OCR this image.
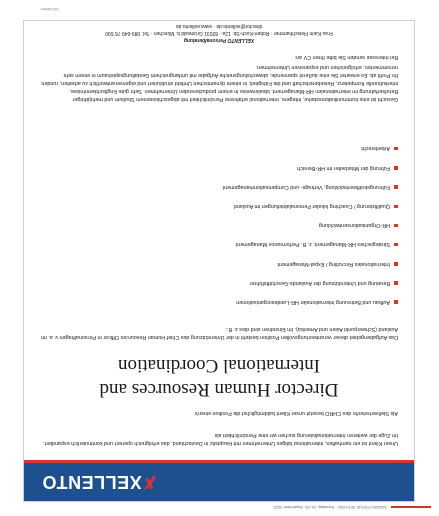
SÜDDEUTSCHE ZEITUNG · Samstag, 24./25. September 2022
✗XELLENTO
Unser Klient ist ein namhaftes, international tätiges Unternehmen mit Hauptsitz in Deutschland, das erfolgreich operiert und kontinuierlich expandiert. Im Zuge der weiteren Internationalisierung suchen wir eine Persönlichkeit als
Als Stellvertreter/in des CHRO besetzt unser Klient baldmöglichst die Position einer/s
Director Human Resources and
International Coordination
Das Aufgabengebiet dieser verantwortungsvollen Position besteht in der Unterstützung des Chief Human Resources Officer in Personalfragen v. a. im Ausland (Schwerpunkt Asien und Amerika). Im Einzelnen sind dies z. B.:
Aufbau und Betreuung internationaler HR-Landesorganisationen
Beratung und Unterstützung der Auslands-Geschäftsführer
Internationales Recruiting / Expat-Management
Strategisches HR-Management, z. B. Performance Management
HR-Organisationsentwicklung
Qualifizierung / Coaching lokaler Personalabteilungen im Ausland
Führungskräfteentwicklung, Vertrags- und Compensationmanagement
Führung der Mitarbeiter im HR-Bereich
Arbeitsrecht
Gesucht ist eine kommunikationsstarke, integere, international erfahrene Persönlichkeit mit abgeschlossenem Studium und mehrjähriger Berufserfahrung im internationalen HR-Management, idealerweise in einem produzierenden Unternehmen. Sehr gute Englischkenntnisse, interkulturelle Kompetenz, Reisebereitschaft und die Fähigkeit, in einem dynamischen Umfeld strukturiert und eigenverantwortlich zu arbeiten, runden Ihr Profil ab. Es erwartet Sie eine äußerst spannende, abwechslungsreiche Aufgabe mit umfangreichem Gestaltungsspielraum in einem sehr renommierten, erfolgreichen und expansiven Unternehmen.
Bei Interesse senden Sie bitte Ihren CV an:
XELLENTO Personalberatung
Frau Karin Fleischhammer · Robert-Koch-Str. 12a · 82031 Grünwald b. München · Tel. 089-649 76 590
director@xellento.de · www.xellento.de
SZ/Stellen
